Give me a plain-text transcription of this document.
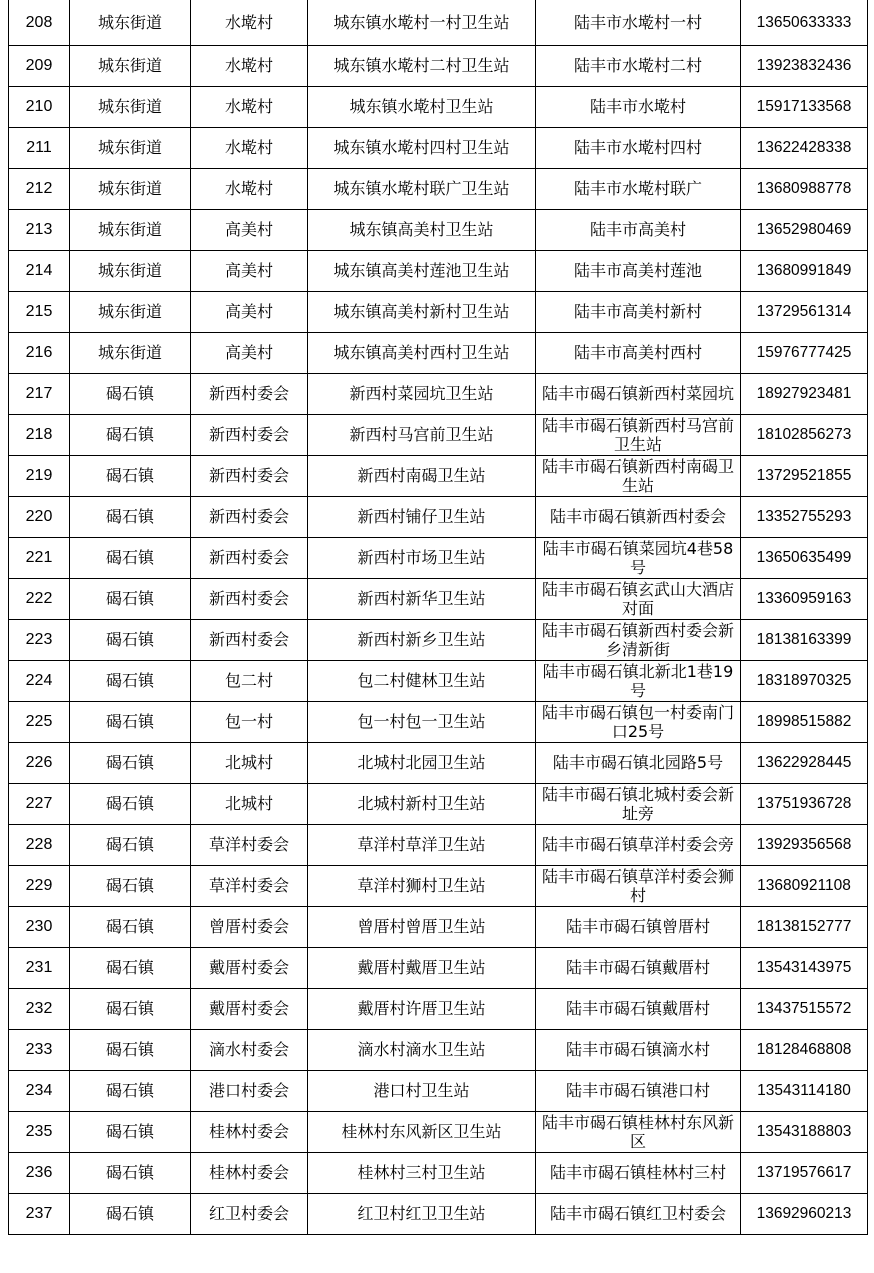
208	城东街道	水墘村	城东镇水墘村一村卫生站	陆丰市水墘村一村	13650633333
209	城东街道	水墘村	城东镇水墘村二村卫生站	陆丰市水墘村二村	13923832436
210	城东街道	水墘村	城东镇水墘村卫生站	陆丰市水墘村	15917133568
211	城东街道	水墘村	城东镇水墘村四村卫生站	陆丰市水墘村四村	13622428338
212	城东街道	水墘村	城东镇水墘村联广卫生站	陆丰市水墘村联广	13680988778
213	城东街道	高美村	城东镇高美村卫生站	陆丰市高美村	13652980469
214	城东街道	高美村	城东镇高美村莲池卫生站	陆丰市高美村莲池	13680991849
215	城东街道	高美村	城东镇高美村新村卫生站	陆丰市高美村新村	13729561314
216	城东街道	高美村	城东镇高美村西村卫生站	陆丰市高美村西村	15976777425
217	碣石镇	新西村委会	新西村菜园坑卫生站	陆丰市碣石镇新西村菜园坑	18927923481
218	碣石镇	新西村委会	新西村马宫前卫生站	陆丰市碣石镇新西村马宫前卫生站	18102856273
219	碣石镇	新西村委会	新西村南碣卫生站	陆丰市碣石镇新西村南碣卫生站	13729521855
220	碣石镇	新西村委会	新西村铺仔卫生站	陆丰市碣石镇新西村委会	13352755293
221	碣石镇	新西村委会	新西村市场卫生站	陆丰市碣石镇菜园坑4巷58号	13650635499
222	碣石镇	新西村委会	新西村新华卫生站	陆丰市碣石镇玄武山大酒店对面	13360959163
223	碣石镇	新西村委会	新西村新乡卫生站	陆丰市碣石镇新西村委会新乡清新街	18138163399
224	碣石镇	包二村	包二村健林卫生站	陆丰市碣石镇北新北1巷19号	18318970325
225	碣石镇	包一村	包一村包一卫生站	陆丰市碣石镇包一村委南门口25号	18998515882
226	碣石镇	北城村	北城村北园卫生站	陆丰市碣石镇北园路5号	13622928445
227	碣石镇	北城村	北城村新村卫生站	陆丰市碣石镇北城村委会新址旁	13751936728
228	碣石镇	草洋村委会	草洋村草洋卫生站	陆丰市碣石镇草洋村委会旁	13929356568
229	碣石镇	草洋村委会	草洋村狮村卫生站	陆丰市碣石镇草洋村委会狮村	13680921108
230	碣石镇	曾厝村委会	曾厝村曾厝卫生站	陆丰市碣石镇曾厝村	18138152777
231	碣石镇	戴厝村委会	戴厝村戴厝卫生站	陆丰市碣石镇戴厝村	13543143975
232	碣石镇	戴厝村委会	戴厝村许厝卫生站	陆丰市碣石镇戴厝村	13437515572
233	碣石镇	滴水村委会	滴水村滴水卫生站	陆丰市碣石镇滴水村	18128468808
234	碣石镇	港口村委会	港口村卫生站	陆丰市碣石镇港口村	13543114180
235	碣石镇	桂林村委会	桂林村东风新区卫生站	陆丰市碣石镇桂林村东风新区	13543188803
236	碣石镇	桂林村委会	桂林村三村卫生站	陆丰市碣石镇桂林村三村	13719576617
237	碣石镇	红卫村委会	红卫村红卫卫生站	陆丰市碣石镇红卫村委会	13692960213
